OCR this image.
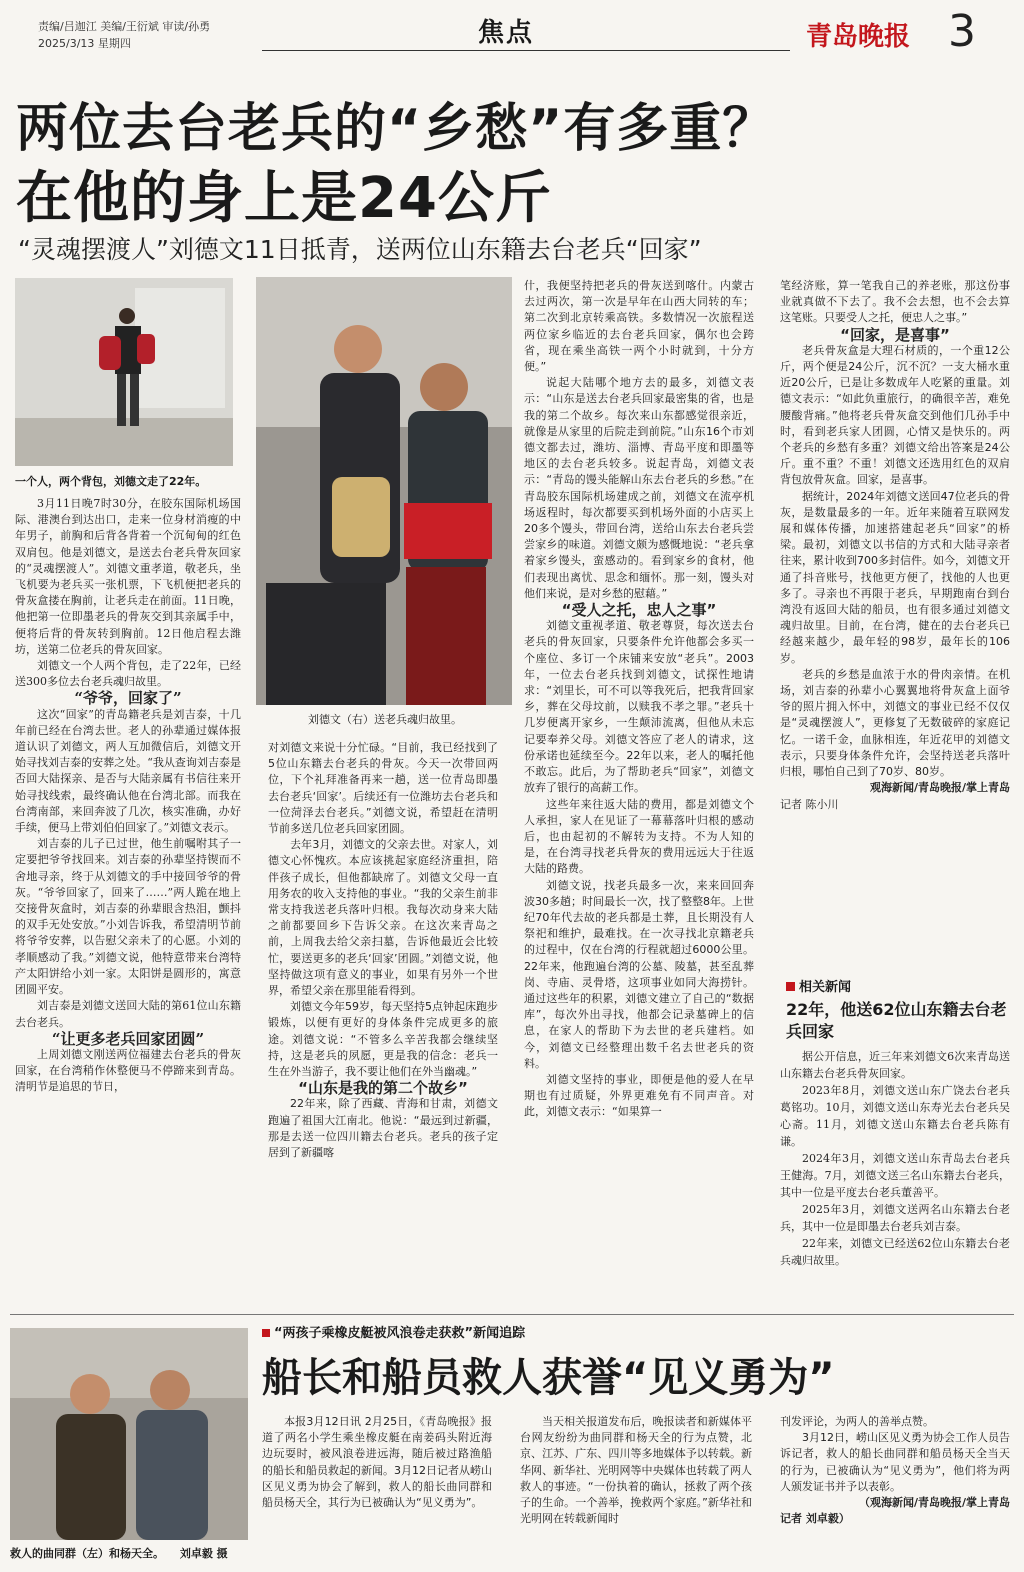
责编/吕迦江 美编/王衍斌 审读/孙勇
2025/3/13 星期四	焦点	青岛晚报 3
两位去台老兵的“乡愁”有多重？
在他的身上是24公斤
“灵魂摆渡人”刘德文11日抵青，送两位山东籍去台老兵“回家”
一个人，两个背包，刘德文走了22年。
刘德文（右）送老兵魂归故里。

3月11日晚7时30分，在胶东国际机场国际、港澳台到达出口，走来一位身材消瘦的中年男子，前胸和后背各背着一个沉甸甸的红色双肩包。他是刘德文，是送去台老兵骨灰回家的“灵魂摆渡人”。刘德文重孝道，敬老兵，坐飞机要为老兵买一张机票，下飞机便把老兵的骨灰盒搂在胸前，让老兵走在前面。11日晚，他把第一位即墨老兵的骨灰交到其亲属手中，便将后背的骨灰转到胸前。12日他启程去潍坊，送第二位老兵的骨灰回家。

刘德文一个人两个背包，走了22年，已经送300多位去台老兵魂归故里。

“爷爷，回家了”

这次“回家”的青岛籍老兵是刘吉泰，十几年前已经在台湾去世。老人的孙辈通过媒体报道认识了刘德文，两人互加微信后，刘德文开始寻找刘吉泰的安葬之处。“我从查询刘吉泰是否回大陆探亲、是否与大陆亲属有书信往来开始寻找线索，最终确认他在台湾北部。而我在台湾南部，来回奔波了几次，核实准确，办好手续，便马上带刘伯伯回家了。”刘德文表示。

刘吉泰的儿子已过世，他生前嘱咐其子一定要把爷爷找回来。刘吉泰的孙辈坚持锲而不舍地寻亲，终于从刘德文的手中接回爷爷的骨灰。“爷爷回家了，回来了……”两人跪在地上交接骨灰盒时，刘吉泰的孙辈眼含热泪，颤抖的双手无处安放。”小刘告诉我，希望清明节前将爷爷安葬，以告慰父亲未了的心愿。小刘的孝顺感动了我。”刘德文说，他特意带来台湾特产太阳饼给小刘一家。太阳饼是圆形的，寓意团圆平安。

刘吉泰是刘德文送回大陆的第61位山东籍去台老兵。

“让更多老兵回家团圆”

上周刘德文刚送两位福建去台老兵的骨灰回家，在台湾稍作休整便马不停蹄来到青岛。清明节是追思的节日，

对刘德文来说十分忙碌。“目前，我已经找到了5位山东籍去台老兵的骨灰。今天一次带回两位，下个礼拜准备再来一趟，送一位青岛即墨去台老兵‘回家’。后续还有一位潍坊去台老兵和一位菏泽去台老兵。”刘德文说，希望赶在清明节前多送几位老兵回家团圆。

去年3月，刘德文的父亲去世。对家人，刘德文心怀愧疚。本应该挑起家庭经济重担，陪伴孩子成长，但他都缺席了。刘德文父母一直用务农的收入支持他的事业。“我的父亲生前非常支持我送老兵落叶归根。我每次动身来大陆之前都要回乡下告诉父亲。在这次来青岛之前，上周我去给父亲扫墓，告诉他最近会比较忙，要送更多的老兵‘回家’团圆。”刘德文说，他坚持做这项有意义的事业，如果有另外一个世界，希望父亲在那里能看得到。

刘德文今年59岁，每天坚持5点钟起床跑步锻炼，以便有更好的身体条件完成更多的旅途。刘德文说：“不管多么辛苦我都会继续坚持，这是老兵的夙愿，更是我的信念：老兵一生在外当游子，我不要让他们在外当幽魂。”

“山东是我的第二个故乡”

22年来，除了西藏、青海和甘肃，刘德文跑遍了祖国大江南北。他说：“最远到过新疆，那是去送一位四川籍去台老兵。老兵的孩子定居到了新疆喀

什，我便坚持把老兵的骨灰送到喀什。内蒙古去过两次，第一次是早年在山西大同转的车；第二次到北京转乘高铁。多数情况一次旅程送两位家乡临近的去台老兵回家，偶尔也会跨省，现在乘坐高铁一两个小时就到，十分方便。”

说起大陆哪个地方去的最多，刘德文表示：“山东是送去台老兵回家最密集的省，也是我的第二个故乡。每次来山东都感觉很亲近，就像是从家里的后院走到前院。”山东16个市刘德文都去过，潍坊、淄博、青岛平度和即墨等地区的去台老兵较多。说起青岛，刘德文表示：“青岛的馒头能解山东去台老兵的乡愁。”在青岛胶东国际机场建成之前，刘德文在流亭机场返程时，每次都要买到机场外面的小店买上20多个馒头，带回台湾，送给山东去台老兵尝尝家乡的味道。刘德文颇为感慨地说：“老兵拿着家乡馒头，蛮感动的。看到家乡的食材，他们表现出离忧、思念和缅怀。那一刻，馒头对他们来说，是对乡愁的慰藉。”

“受人之托，忠人之事”

刘德文重视孝道、敬老尊贤，每次送去台老兵的骨灰回家，只要条件允许他都会多买一个座位、多订一个床铺来安放“老兵”。2003年，一位去台老兵找到刘德文，试探性地请求：“刘里长，可不可以等我死后，把我背回家乡，葬在父母坟前，以赎我不孝之罪。”老兵十几岁便离开家乡，一生颠沛流离，但他从未忘记要奉养父母。刘德文答应了老人的请求，这份承诺也延续至今。22年以来，老人的嘱托他不敢忘。此后，为了帮助老兵“回家”，刘德文放弃了银行的高薪工作。

这些年来往返大陆的费用，都是刘德文个人承担，家人在见证了一幕幕落叶归根的感动后，也由起初的不解转为支持。不为人知的是，在台湾寻找老兵骨灰的费用远远大于往返大陆的路费。

刘德文说，找老兵最多一次，来来回回奔波30多趟；时间最长一次，找了整整8年。上世纪70年代去故的老兵都是土葬，且长期没有人祭祀和维护，最难找。在一次寻找北京籍老兵的过程中，仅在台湾的行程就超过6000公里。22年来，他跑遍台湾的公墓、陵墓，甚至乱葬岗、寺庙、灵骨塔，这项事业如同大海捞针。通过这些年的积累，刘德文建立了自己的“数据库”，每次外出寻找，他都会记录墓碑上的信息，在家人的帮助下为去世的老兵建档。如今，刘德文已经整理出数千名去世老兵的资料。

刘德文坚持的事业，即便是他的爱人在早期也有过质疑，外界更难免有不同声音。对此，刘德文表示：“如果算一

笔经济账，算一笔我自己的养老账，那这份事业就真做不下去了。我不会去想，也不会去算这笔账。只要受人之托，便忠人之事。”

“回家，是喜事”

老兵骨灰盒是大理石材质的，一个重12公斤，两个便是24公斤，沉不沉？一支大桶水重近20公斤，已是让多数成年人吃紧的重量。刘德文表示：“如此负重旅行，的确很辛苦，难免腰酸背痛。”他将老兵骨灰盒交到他们几孙手中时，看到老兵家人团圆，心情又是快乐的。两个老兵的乡愁有多重？刘德文给出答案是24公斤。重不重？不重！刘德文还选用红色的双肩背包放骨灰盒。回家，是喜事。

据统计，2024年刘德文送回47位老兵的骨灰，是数量最多的一年。近年来随着互联网发展和媒体传播，加速搭建起老兵“回家”的桥梁。最初，刘德文以书信的方式和大陆寻亲者往来，累计收到700多封信件。如今，刘德文开通了抖音账号，找他更方便了，找他的人也更多了。寻亲也不再限于老兵，早期跑南台到台湾没有返回大陆的船员，也有很多通过刘德文魂归故里。目前，在台湾，健在的去台老兵已经越来越少，最年轻的98岁，最年长的106岁。

老兵的乡愁是血浓于水的骨肉亲情。在机场，刘吉泰的孙辈小心翼翼地将骨灰盒上面爷爷的照片拥入怀中，刘德文的事业已经不仅仅是“灵魂摆渡人”，更修复了无数破碎的家庭记忆。一诺千金，血脉相连，年近花甲的刘德文表示，只要身体条件允许，会坚持送老兵落叶归根，哪怕自己到了70岁、80岁。

观海新闻/青岛晚报/掌上青岛

记者 陈小川

相关新闻
22年，他送62位山东籍去台老兵回家

据公开信息，近三年来刘德文6次来青岛送山东籍去台老兵骨灰回家。

2023年8月，刘德文送山东广饶去台老兵葛铭功。10月，刘德文送山东寿光去台老兵吴心斋。11月，刘德文送山东籍去台老兵陈有谦。

2024年3月，刘德文送山东青岛去台老兵王健海。7月，刘德文送三名山东籍去台老兵，其中一位是平度去台老兵董善平。

2025年3月，刘德文送两名山东籍去台老兵，其中一位是即墨去台老兵刘吉泰。

22年来，刘德文已经送62位山东籍去台老兵魂归故里。

救人的曲同群（左）和杨天全。 刘卓毅 摄
“两孩子乘橡皮艇被风浪卷走获救”新闻追踪
船长和船员救人获誉“见义勇为”

本报3月12日讯 2月25日，《青岛晚报》报道了两名小学生乘坐橡皮艇在南姜码头附近海边玩耍时，被风浪卷进远海，随后被过路渔船的船长和船员救起的新闻。3月12日记者从崂山区见义勇为协会了解到，救人的船长曲同群和船员杨天全，其行为已被确认为“见义勇为”。

当天相关报道发布后，晚报读者和新媒体平台网友纷纷为曲同群和杨天全的行为点赞，北京、江苏、广东、四川等多地媒体予以转载。新华网、新华社、光明网等中央媒体也转载了两人救人的事迹。“一份执着的确认，拯救了两个孩子的生命。一个善举，挽救两个家庭。”新华社和光明网在转载新闻时

刊发评论，为两人的善举点赞。

3月12日，崂山区见义勇为协会工作人员告诉记者，救人的船长曲同群和船员杨天全当天的行为，已被确认为“见义勇为”，他们将为两人颁发证书并予以表彰。

（观海新闻/青岛晚报/掌上青岛

记者 刘卓毅）
